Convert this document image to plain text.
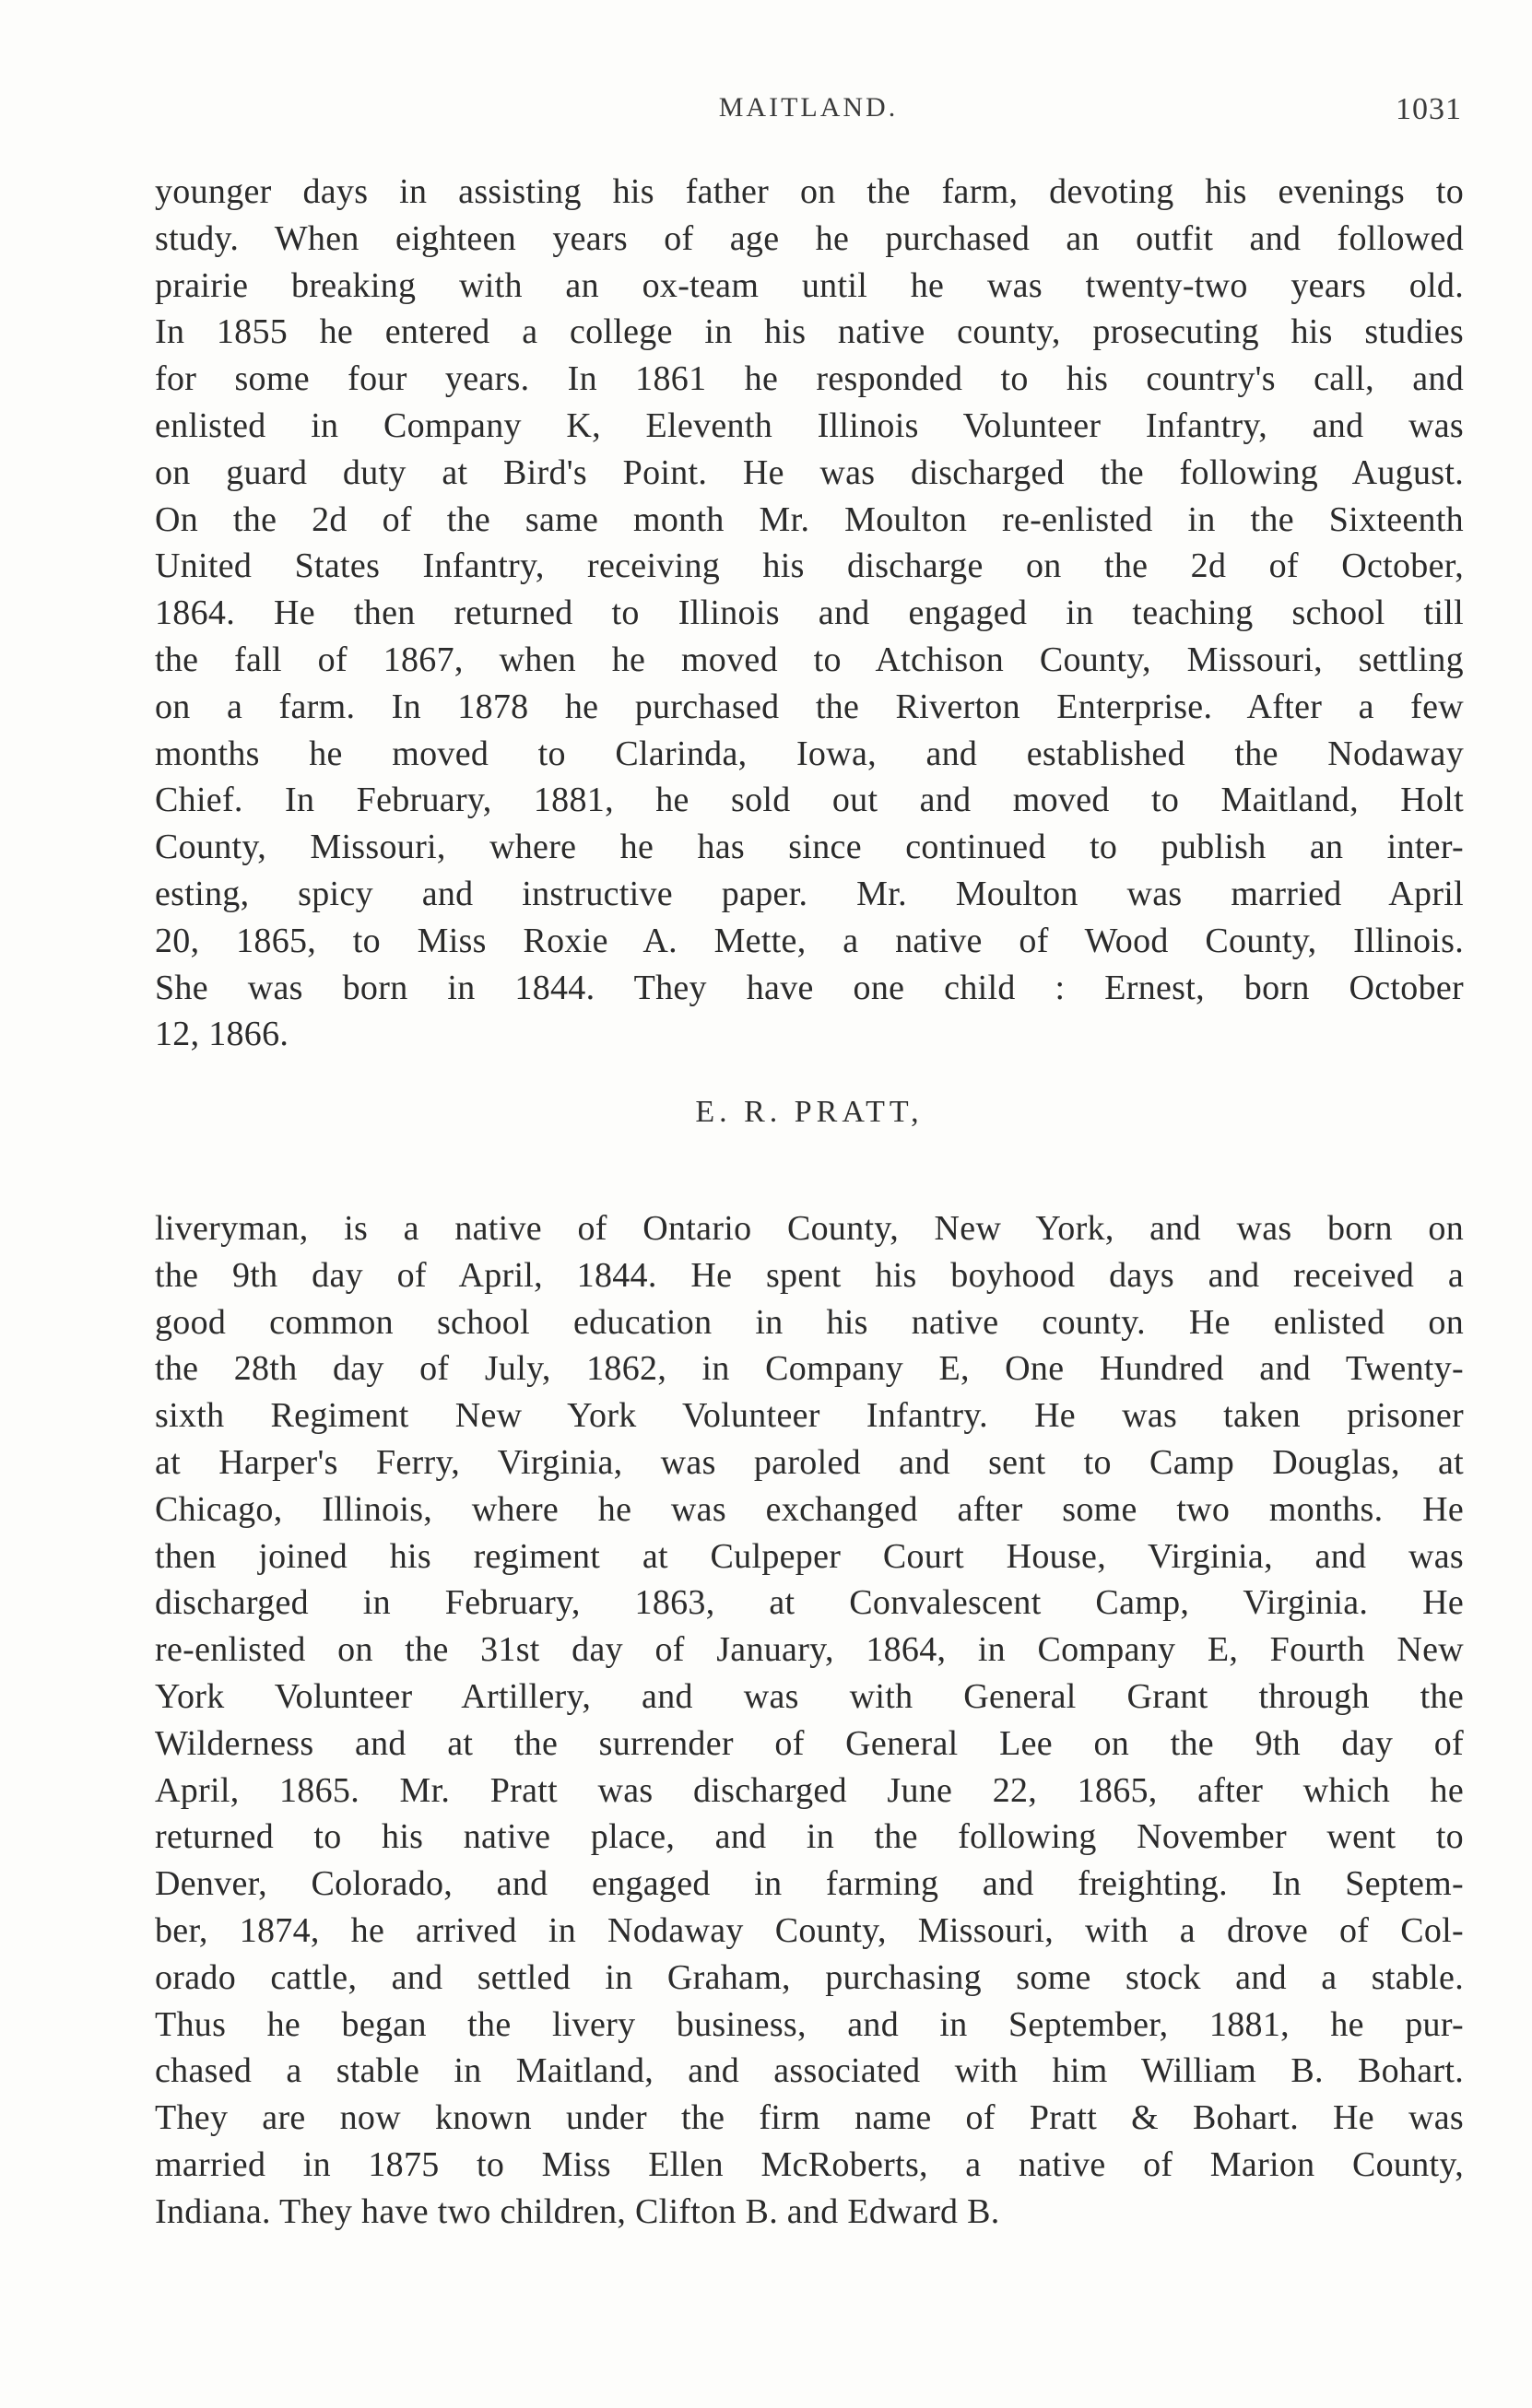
MAITLAND.	1031
younger days in assisting his father on the farm, devoting his evenings to
study. When eighteen years of age he purchased an outfit and followed
prairie breaking with an ox-team until he was twenty-two years old.
In 1855 he entered a college in his native county, prosecuting his studies
for some four years. In 1861 he responded to his country's call, and
enlisted in Company K, Eleventh Illinois Volunteer Infantry, and was
on guard duty at Bird's Point. He was discharged the following August.
On the 2d of the same month Mr. Moulton re-enlisted in the Sixteenth
United States Infantry, receiving his discharge on the 2d of October,
1864. He then returned to Illinois and engaged in teaching school till
the fall of 1867, when he moved to Atchison County, Missouri, settling
on a farm. In 1878 he purchased the Riverton Enterprise. After a few
months he moved to Clarinda, Iowa, and established the Nodaway
Chief. In February, 1881, he sold out and moved to Maitland, Holt
County, Missouri, where he has since continued to publish an inter-
esting, spicy and instructive paper. Mr. Moulton was married April
20, 1865, to Miss Roxie A. Mette, a native of Wood County, Illinois.
She was born in 1844. They have one child : Ernest, born October
12, 1866.
E. R. PRATT,
liveryman, is a native of Ontario County, New York, and was born on
the 9th day of April, 1844. He spent his boyhood days and received a
good common school education in his native county. He enlisted on
the 28th day of July, 1862, in Company E, One Hundred and Twenty-
sixth Regiment New York Volunteer Infantry. He was taken prisoner
at Harper's Ferry, Virginia, was paroled and sent to Camp Douglas, at
Chicago, Illinois, where he was exchanged after some two months. He
then joined his regiment at Culpeper Court House, Virginia, and was
discharged in February, 1863, at Convalescent Camp, Virginia. He
re-enlisted on the 31st day of January, 1864, in Company E, Fourth New
York Volunteer Artillery, and was with General Grant through the
Wilderness and at the surrender of General Lee on the 9th day of
April, 1865. Mr. Pratt was discharged June 22, 1865, after which he
returned to his native place, and in the following November went to
Denver, Colorado, and engaged in farming and freighting. In Septem-
ber, 1874, he arrived in Nodaway County, Missouri, with a drove of Col-
orado cattle, and settled in Graham, purchasing some stock and a stable.
Thus he began the livery business, and in September, 1881, he pur-
chased a stable in Maitland, and associated with him William B. Bohart.
They are now known under the firm name of Pratt & Bohart. He was
married in 1875 to Miss Ellen McRoberts, a native of Marion County,
Indiana. They have two children, Clifton B. and Edward B.
